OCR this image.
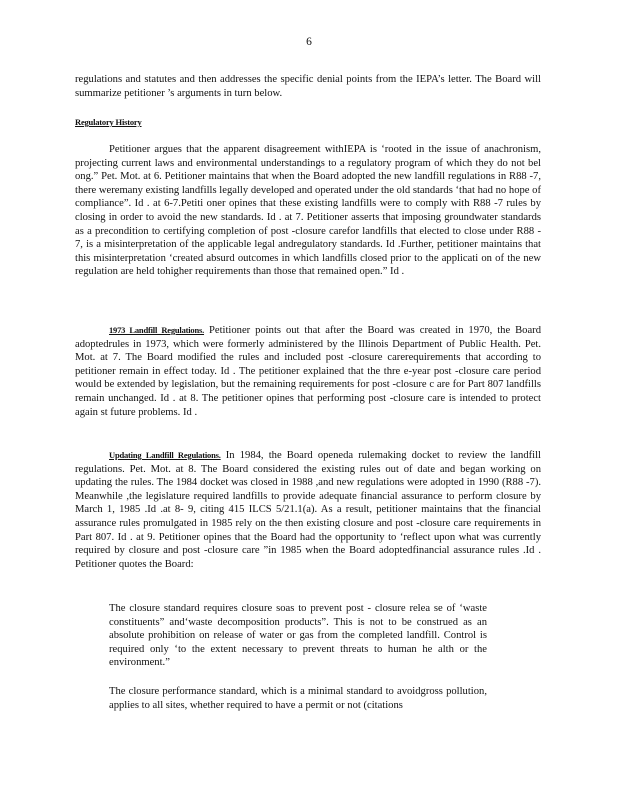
6

regulations and statutes and then addresses the specific denial points from the IEPA’s letter. The Board will summarize petitioner ’s arguments in turn below.

Regulatory History

Petitioner argues that the apparent disagreement withIEPA is ‘rooted in the issue of anachronism, projecting current laws and environmental understandings to a regulatory program of which they do not bel ong.” Pet. Mot. at 6. Petitioner maintains that when the Board adopted the new landfill regulations in R88 -7, there weremany existing landfills legally developed and operated under the old standards ‘that had no hope of compliance”. Id . at 6-7.Petiti oner opines that these existing landfills were to comply with R88 -7 rules by closing in order to avoid the new standards. Id . at 7. Petitioner asserts that imposing groundwater standards as a precondition to certifying completion of post -closure carefor landfills that elected to close under R88 - 7, is a misinterpretation of the applicable legal andregulatory standards. Id .Further, petitioner maintains that this misinterpretation ‘created absurd outcomes in which landfills closed prior to the applicati on of the new regulation are held tohigher requirements than those that remained open.” Id .

1973 Landfill Regulations. Petitioner points out that after the Board was created in 1970, the Board adoptedrules in 1973, which were formerly administered by the Illinois Department of Public Health. Pet. Mot. at 7. The Board modified the rules and included post -closure carerequirements that according to petitioner remain in effect today. Id . The petitioner explained that the thre e-year post -closure care period would be extended by legislation, but the remaining requirements for post -closure c are for Part 807 landfills remain unchanged. Id . at 8. The petitioner opines that performing post -closure care is intended to protect again st future problems. Id .

Updating Landfill Regulations. In 1984, the Board openeda rulemaking docket to review the landfill regulations. Pet. Mot. at 8. The Board considered the existing rules out of date and began working on updating the rules. The 1984 docket was closed in 1988 ,and new regulations were adopted in 1990 (R88 -7). Meanwhile ,the legislature required landfills to provide adequate financial assurance to perform closure by March 1, 1985 .Id .at 8- 9, citing 415 ILCS 5/21.1(a). As a result, petitioner maintains that the financial assurance rules promulgated in 1985 rely on the then existing closure and post -closure care requirements in Part 807. Id . at 9. Petitioner opines that the Board had the opportunity to ‘reflect upon what was currently required by closure and post -closure care ”in 1985 when the Board adoptedfinancial assurance rules .Id . Petitioner quotes the Board:

The closure standard requires closure soas to prevent post - closure relea se of ‘waste constituents” and‘waste decomposition products”. This is not to be construed as an absolute prohibition on release of water or gas from the completed landfill. Control is required only ‘to the extent necessary to prevent threats to human he alth or the environment.”

The closure performance standard, which is a minimal standard to avoidgross pollution, applies to all sites, whether required to have a permit or not (citations
